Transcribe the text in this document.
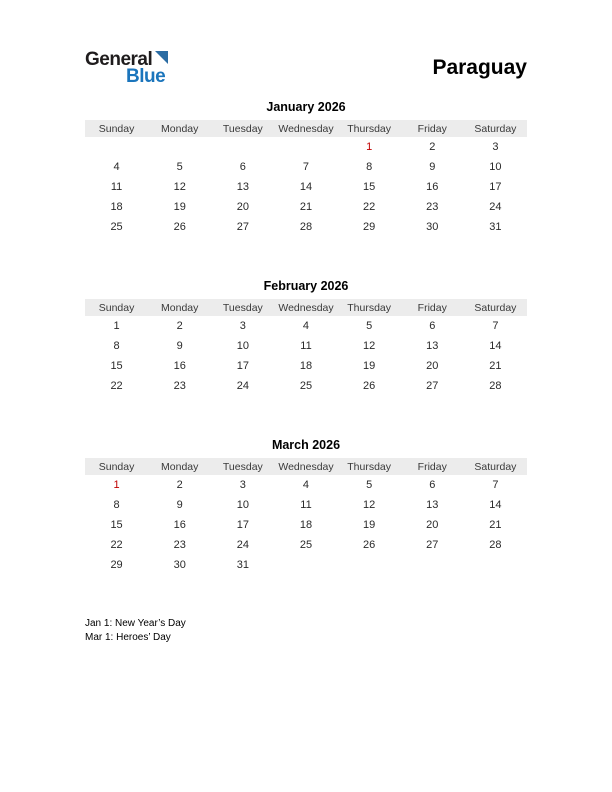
General
Blue	Paraguay
January 2026
Sunday	Monday	Tuesday	Wednesday	Thursday	Friday	Saturday
				1	2	3
4	5	6	7	8	9	10
11	12	13	14	15	16	17
18	19	20	21	22	23	24
25	26	27	28	29	30	31
February 2026
Sunday	Monday	Tuesday	Wednesday	Thursday	Friday	Saturday
1	2	3	4	5	6	7
8	9	10	11	12	13	14
15	16	17	18	19	20	21
22	23	24	25	26	27	28
March 2026
Sunday	Monday	Tuesday	Wednesday	Thursday	Friday	Saturday
1	2	3	4	5	6	7
8	9	10	11	12	13	14
15	16	17	18	19	20	21
22	23	24	25	26	27	28
29	30	31				
Jan 1: New Year’s Day
Mar 1: Heroes’ Day
